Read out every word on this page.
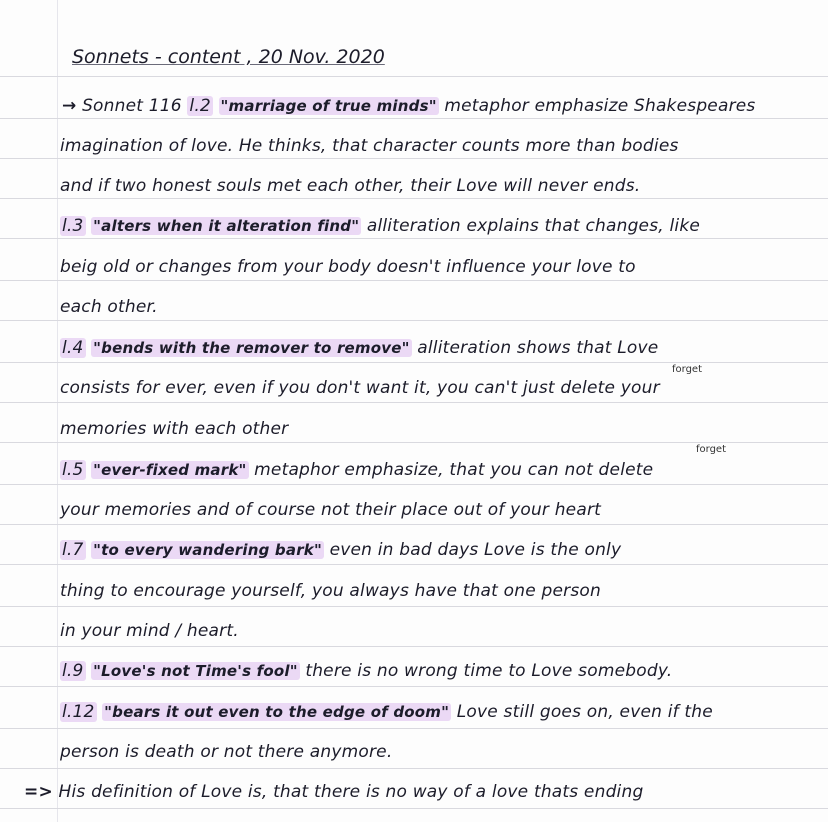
Sonnets - content , 20 Nov. 2020
→ Sonnet 116 l.2 "marriage of true minds" metaphor emphasize Shakespeares
imagination of love. He thinks, that character counts more than bodies
and if two honest souls met each other, their Love will never ends.
l.3 "alters when it alteration find" alliteration explains that changes, like
beig old or changes from your body doesn't influence your love to
each other.
l.4 "bends with the remover to remove" alliteration shows that Love
forget
consists for ever, even if you don't want it, you can't just delete your
memories with each other
forget
l.5 "ever-fixed mark" metaphor emphasize, that you can not delete
your memories and of course not their place out of your heart
l.7 "to every wandering bark" even in bad days Love is the only
thing to encourage yourself, you always have that one person
in your mind / heart.
l.9 "Love's not Time's fool" there is no wrong time to Love somebody.
l.12 "bears it out even to the edge of doom" Love still goes on, even if the
person is death or not there anymore.
=> His definition of Love is, that there is no way of a love thats ending
